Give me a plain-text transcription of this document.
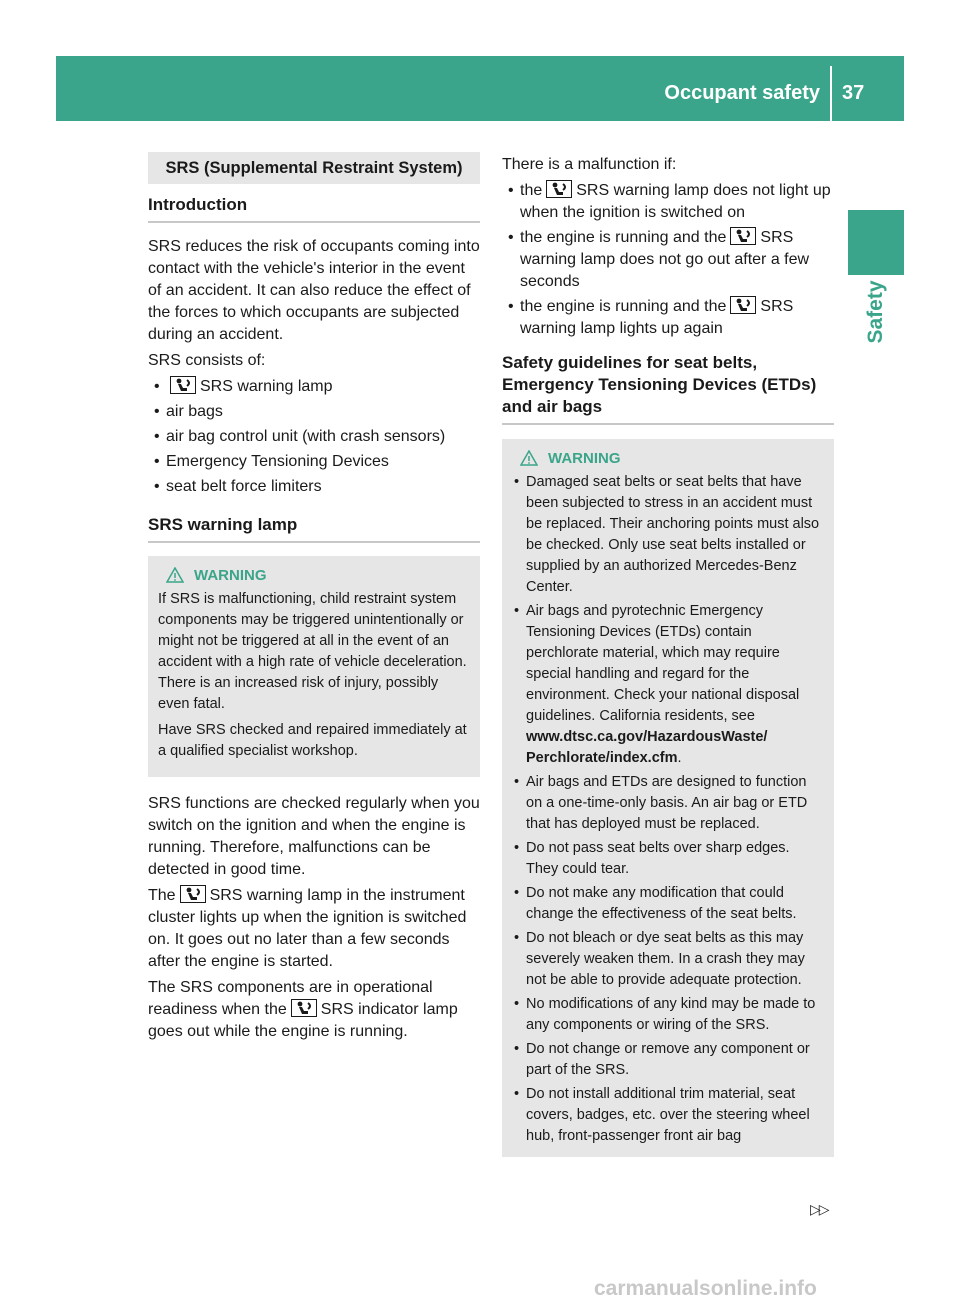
Occupant safety 37
Safety
SRS (Supplemental Restraint System)
Introduction

SRS reduces the risk of occupants coming into contact with the vehicle's interior in the event of an accident. It can also reduce the effect of the forces to which occupants are subjected during an accident.

SRS consists of:

• SRS warning lamp
• air bags
• air bag control unit (with crash sensors)
• Emergency Tensioning Devices
• seat belt force limiters
SRS warning lamp
WARNING

If SRS is malfunctioning, child restraint system components may be triggered unintentionally or might not be triggered at all in the event of an accident with a high rate of vehicle deceleration. There is an increased risk of injury, possibly even fatal.

Have SRS checked and repaired immediately at a qualified specialist workshop.

SRS functions are checked regularly when you switch on the ignition and when the engine is running. Therefore, malfunctions can be detected in good time.

The SRS warning lamp in the instrument cluster lights up when the ignition is switched on. It goes out no later than a few seconds after the engine is started.

The SRS components are in operational readiness when the SRS indicator lamp goes out while the engine is running.

There is a malfunction if:

• the SRS warning lamp does not light up when the ignition is switched on
• the engine is running and the SRS warning lamp does not go out after a few seconds
• the engine is running and the SRS warning lamp lights up again
Safety guidelines for seat belts, Emergency Tensioning Devices (ETDs) and air bags
WARNING
• Damaged seat belts or seat belts that have been subjected to stress in an accident must be replaced. Their anchoring points must also be checked. Only use seat belts installed or supplied by an authorized Mercedes-Benz Center.
• Air bags and pyrotechnic Emergency Tensioning Devices (ETDs) contain perchlorate material, which may require special handling and regard for the environment. Check your national disposal guidelines. California residents, see www.dtsc.ca.gov/HazardousWaste/ Perchlorate/index.cfm.
• Air bags and ETDs are designed to function on a one-time-only basis. An air bag or ETD that has deployed must be replaced.
• Do not pass seat belts over sharp edges. They could tear.
• Do not make any modification that could change the effectiveness of the seat belts.
• Do not bleach or dye seat belts as this may severely weaken them. In a crash they may not be able to provide adequate protection.
• No modifications of any kind may be made to any components or wiring of the SRS.
• Do not change or remove any component or part of the SRS.
• Do not install additional trim material, seat covers, badges, etc. over the steering wheel hub, front-passenger front air bag
▷▷
carmanualsonline.info
